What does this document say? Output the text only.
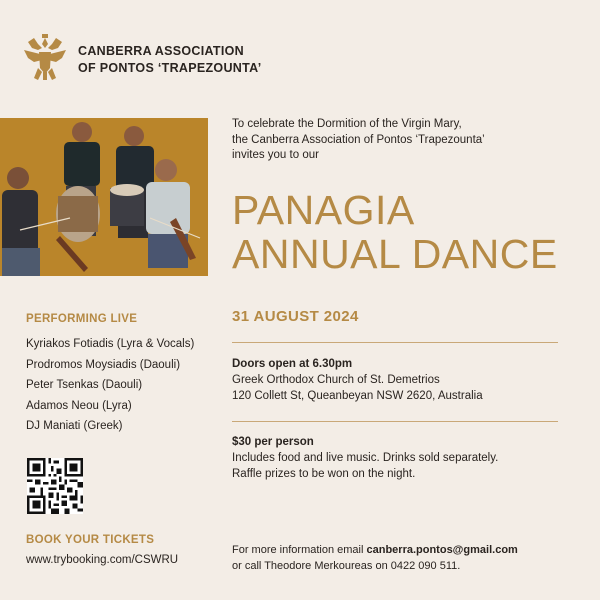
CANBERRA ASSOCIATION
OF PONTOS ‘TRAPEZOUNTA’
To celebrate the Dormition of the Virgin Mary,
the Canberra Association of Pontos ‘Trapezounta’
invites you to our
PANAGIA
ANNUAL DANCE
31 AUGUST 2024
Doors open at 6.30pm
Greek Orthodox Church of St. Demetrios
120 Collett St, Queanbeyan NSW 2620, Australia
$30 per person
Includes food and live music. Drinks sold separately.
Raffle prizes to be won on the night.
PERFORMING LIVE
Kyriakos Fotiadis (Lyra & Vocals)
Prodromos Moysiadis (Daouli)
Peter Tsenkas (Daouli)
Adamos Neou (Lyra)
DJ Maniati (Greek)
BOOK YOUR TICKETS
www.trybooking.com/CSWRU
For more information email canberra.pontos@gmail.com
or call Theodore Merkoureas on 0422 090 511.
